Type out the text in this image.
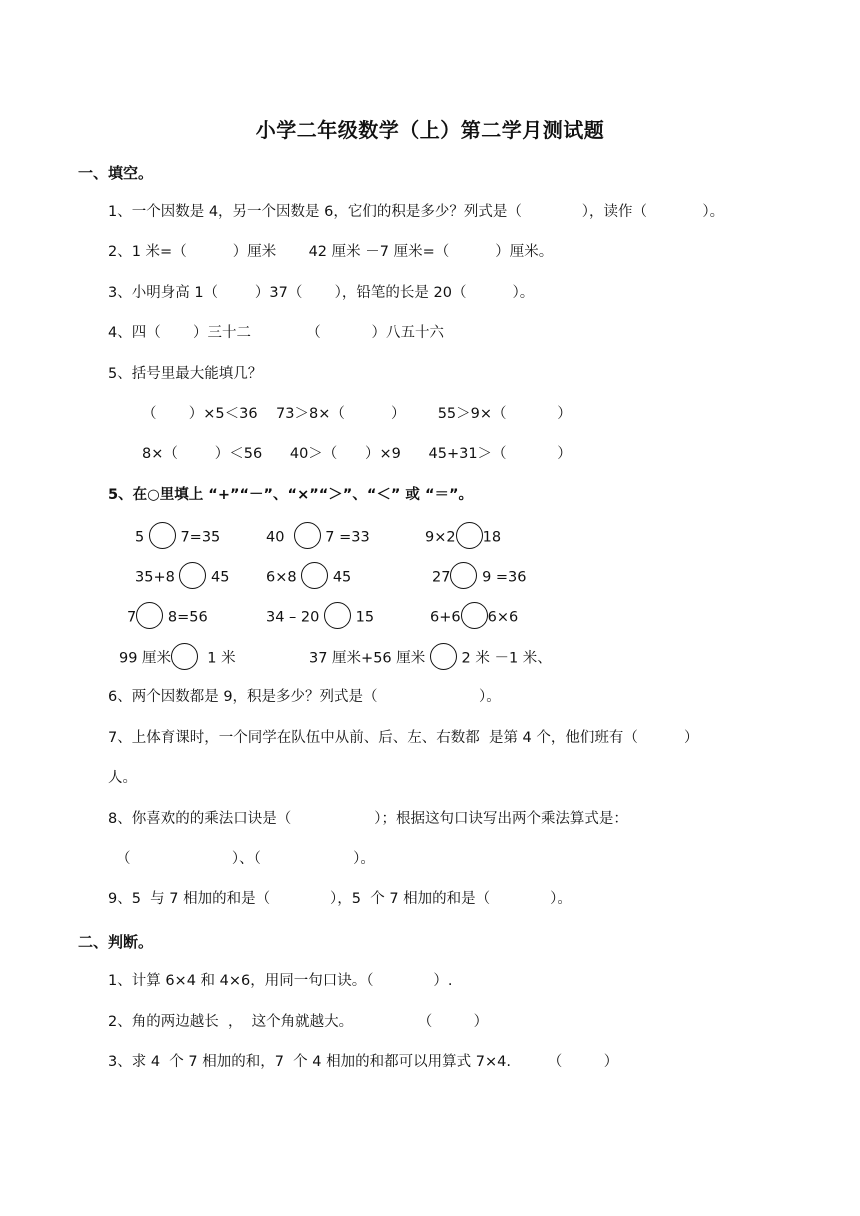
小学二年级数学（上）第二学月测试题
一、填空。
1、一个因数是 4，另一个因数是 6，它们的积是多少？列式是（             ），读作（            ）。
2、1 米=（          ）厘米       42 厘米 －7 厘米=（          ）厘米。
3、小明身高 1（        ）37（       ），铅笔的长是 20（          ）。
4、四（       ）三十二            （           ）八五十六
5、括号里最大能填几？
（       ）×5＜36    73＞8×（          ）       55＞9×（           ）
8×（        ）＜56      40＞（      ）×9      45+31＞（           ）
5、在○里填上 “+”“－”、“×”“＞”、“＜” 或 “＝”。
5 7=35	40	7 =33	9×2 18
35+8 45	6×8 45	27 9 =36
7 8=56	34 – 20 15	6+6 6×6
99 厘米 1 米	37 厘米+56 厘米 2 米 －1 米、
6、两个因数都是 9，积是多少？列式是（                      ）。
7、上体育课时，一个同学在队伍中从前、后、左、右数都  是第 4 个，他们班有（          ）
人。
8、你喜欢的的乘法口诀是（                  ）；根据这句口诀写出两个乘法算式是：
（                      ）、（                    ）。
9、5  与 7 相加的和是（             ），5  个 7 相加的和是（             ）。
二、判断。
1、计算 6×4 和 4×6，用同一句口诀。（             ）.
2、角的两边越长  ，  这个角就越大。              （         ）
3、求 4  个 7 相加的和，7  个 4 相加的和都可以用算式 7×4.        （         ）
